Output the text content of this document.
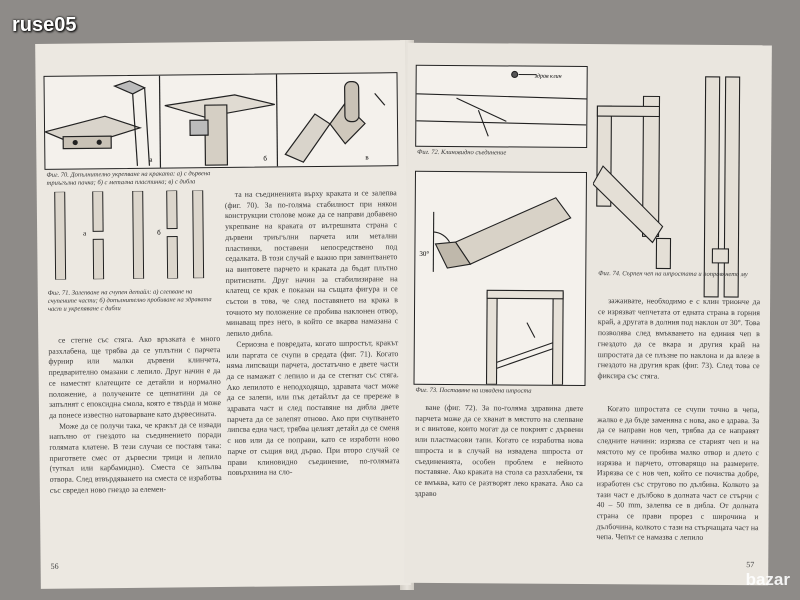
а	б	в
Фиг. 70. Допълнително укрепване на краката: а) с дървена триъгълна пачка; б) с метална пластинка; в) с дибла
а	б
Фиг. 71. Залепване на счупен детайл: а) слепване на счупените части; б) допълнително пробиване на здравата част и укрепяване с дибли

та на съединенията върху краката и се залепва (фиг. 70). За по-голяма стабилност при някои конструкции столове може да се направи добавено укрепване на краката от вътрешната страна с дървени триъгълни парчета или метални пластинки, поставени непосредствено под седалката. В този случай е важно при завинтването на винтовете парчето и краката да бъдат плътно притиснати. Друг начин за стабилизиране на клатещ се крак е показан на същата фигура и се състои в това, че след поставянето на крака в точното му положение се пробива наклонен отвор, минаващ през него, в който се вкарва намазана с лепило дибла.

Сериозна е повредата, когато шпростът, кракът или паргата се счупи в средата (фиг. 71). Когато няма липсващи парчета, достатъчно е двете части да се намажат с лепило и да се стегнат със стяга. Ако лепилото е неподходящо, здравата част може да се залепи, или пък детайлът да се пререже в здравата част и след поставяне на дибла двете парчета да се залепят отново. Ако при счупването липсва една част, трябва целият детайл да се сменя с нов или да се поправи, като се изработи ново парче от същия вид дърво. При второ случай се прави клиновидно съединение, по-голямата повърхнина на сло-

се стегне със стяга. Ако връзката е много разхлабена, ще трябва да се уплътни с парчета фурнир или малки дървени клинчета, предварително омазани с лепило. Друг начин е да се наместят клатещите се детайли и нормално положение, а получените се цепнатини да се запълнят с епоксидна смола, която е твърда и може да понесе известно натоварване като дървесината.

Може да се получи така, че кракът да се извади напълно от гнездото на съединението поради голямата клатене. В тези случаи се поставя така: пригответе смес от дървесни трици и лепило (туткал или карбамидно). Сместа се запълва отвора. След втвърдяването на сместа се изработва със свредел ново гнездо за елемен-

56
здрав клин
Фиг. 72. Клиновидно съединение
30°
Фиг. 73. Поставяне на извадена шпроста
Фиг. 74. Сърпен чеп на шпростата и поправянето му

зажаивате, необходимо е с клин трионче да се изрязват чепчетата от едната страна в горния край, а другата в долния под наклон от 30°. Това позволява след вмъкването на единия чеп в гнездото да се вкара и другия край на шпростата да се плъзне по наклона и да влезе в гнездото на другия крак (фиг. 73). След това се фиксира със стяга.

ване (фиг. 72). За по-голяма здравина двете парчета може да се хванат в мястото на слепване и с винтове, които могат да се покрият с дървени или пластмасови тапи. Когато се изработва нова шпроста и в случай на извадена шпроста от съединенията, особен проблем е нейното поставяне. Ако краката на стола са разхлабени, тя се вмъква, като се разтворят леко краката. Ако са здраво

Когато шпростата се счупи точно в чепа, жалко е да бъде заменяна с нова, ако е здрава. За да се направи нов чеп, трябва да се направят следните начини: изрязва се старият чеп и на мястото му се пробива малко отвор и длето с изрязва и парчето, отговарящо на размерите. Изрязва се с нов чеп, който се почиства добре, изработен със стругово по дълбина. Колкото за тази част е дълбоко в долната част се стърчи с 40 – 50 mm, залепва се в дибла. От долната страна се прави прорез с широчина и дълбочина, колкото с тази на стърчащата част на чепа. Чепът се намазва с лепило

57
ruse05
bazar
